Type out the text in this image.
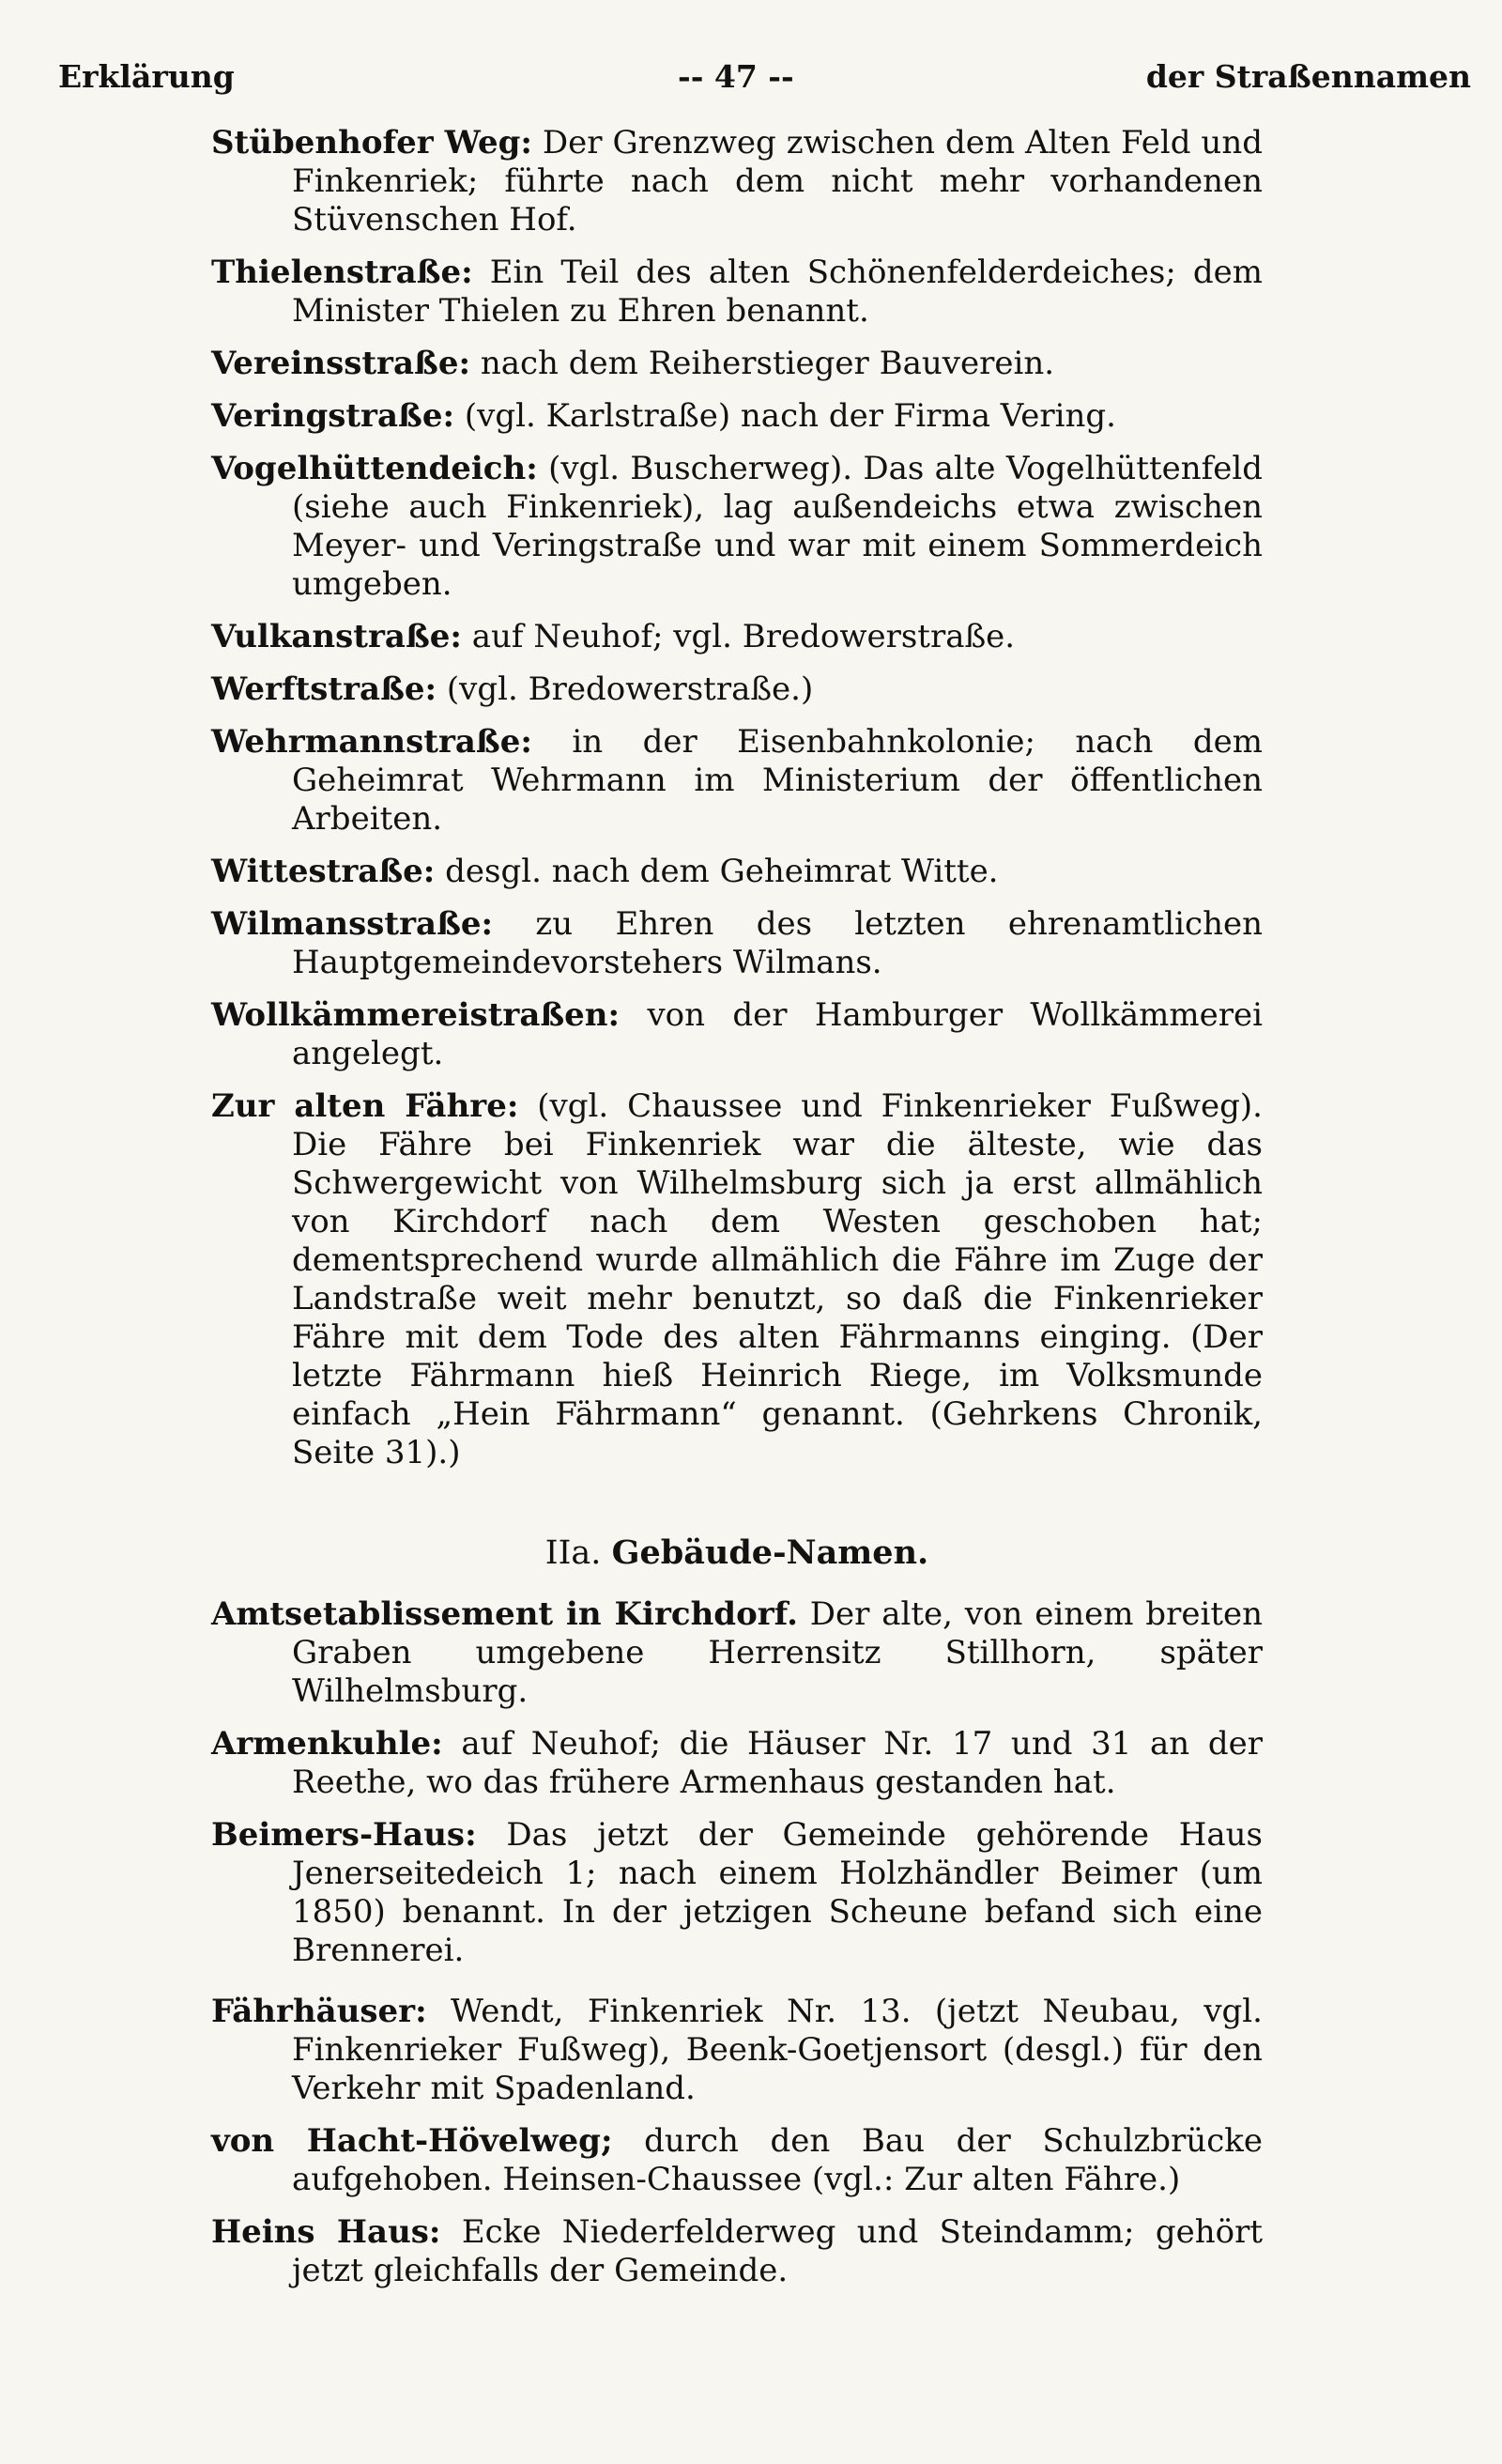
Erklärung	-- 47 --	der Straßennamen

Stübenhofer Weg: Der Grenzweg zwischen dem Alten Feld und Finkenriek; führte nach dem nicht mehr vorhandenen Stüvenschen Hof.

Thielenstraße: Ein Teil des alten Schönenfelderdeiches; dem Minister Thielen zu Ehren benannt.

Vereinsstraße: nach dem Reiherstieger Bauverein.

Veringstraße: (vgl. Karlstraße) nach der Firma Vering.

Vogelhüttendeich: (vgl. Buscherweg). Das alte Vogelhüttenfeld (siehe auch Finkenriek), lag außendeichs etwa zwischen Meyer- und Veringstraße und war mit einem Sommerdeich umgeben.

Vulkanstraße: auf Neuhof; vgl. Bredowerstraße.

Werftstraße: (vgl. Bredowerstraße.)

Wehrmannstraße: in der Eisenbahnkolonie; nach dem Geheimrat Wehrmann im Ministerium der öffentlichen Arbeiten.

Wittestraße: desgl. nach dem Geheimrat Witte.

Wilmansstraße: zu Ehren des letzten ehrenamtlichen Hauptgemeindevorstehers Wilmans.

Wollkämmereistraßen: von der Hamburger Wollkämmerei angelegt.

Zur alten Fähre: (vgl. Chaussee und Finkenrieker Fußweg). Die Fähre bei Finkenriek war die älteste, wie das Schwergewicht von Wilhelmsburg sich ja erst allmählich von Kirchdorf nach dem Westen geschoben hat; dementsprechend wurde allmählich die Fähre im Zuge der Landstraße weit mehr benutzt, so daß die Finkenrieker Fähre mit dem Tode des alten Fährmanns einging. (Der letzte Fährmann hieß Heinrich Riege, im Volksmunde einfach „Hein Fährmann“ genannt. (Gehrkens Chronik, Seite 31).)

IIa. Gebäude-Namen.

Amtsetablissement in Kirchdorf. Der alte, von einem breiten Graben umgebene Herrensitz Stillhorn, später Wilhelmsburg.

Armenkuhle: auf Neuhof; die Häuser Nr. 17 und 31 an der Reethe, wo das frühere Armenhaus gestanden hat.

Beimers-Haus: Das jetzt der Gemeinde gehörende Haus Jenerseitedeich 1; nach einem Holzhändler Beimer (um 1850) benannt. In der jetzigen Scheune befand sich eine Brennerei.

Fährhäuser: Wendt, Finkenriek Nr. 13. (jetzt Neubau, vgl. Finkenrieker Fußweg), Beenk-Goetjensort (desgl.) für den Verkehr mit Spadenland.

von Hacht-Hövelweg; durch den Bau der Schulzbrücke aufgehoben. Heinsen-Chaussee (vgl.: Zur alten Fähre.)

Heins Haus: Ecke Niederfelderweg und Steindamm; gehört jetzt gleichfalls der Gemeinde.
